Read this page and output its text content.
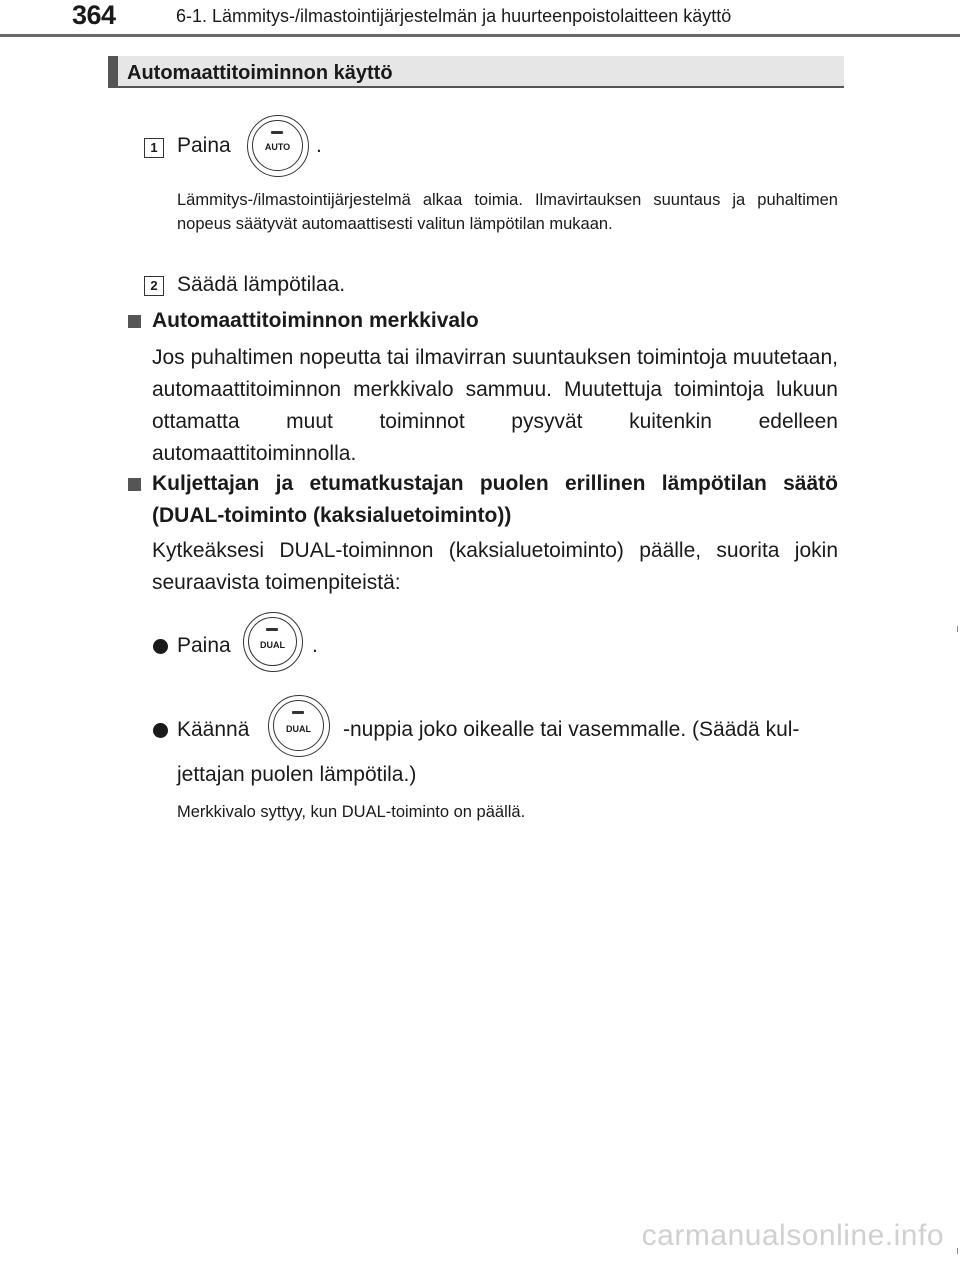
364	6-1. Lämmitys-/ilmastointijärjestelmän ja huurteenpoistolaitteen käyttö
Automaattitoiminnon käyttö
1 Paina	AUTO	.
Lämmitys-/ilmastointijärjestelmä alkaa toimia. Ilmavirtauksen suuntaus ja puhaltimen nopeus säätyvät automaattisesti valitun lämpötilan mukaan.
2 Säädä lämpötilaa.
Automaattitoiminnon merkkivalo
Jos puhaltimen nopeutta tai ilmavirran suuntauksen toimintoja muutetaan, automaattitoiminnon merkkivalo sammuu. Muutettuja toimintoja lukuun ottamatta muut toiminnot pysyvät kuitenkin edelleen automaattitoiminnolla.
Kuljettajan ja etumatkustajan puolen erillinen lämpötilan säätö (DUAL-toiminto (kaksialuetoiminto))
Kytkeäksesi DUAL-toiminnon (kaksialuetoiminto) päälle, suorita jokin seuraavista toimenpiteistä:
Paina	DUAL	.
Käännä	DUAL	-nuppia joko oikealle tai vasemmalle. (Säädä kul-
jettajan puolen lämpötila.)
Merkkivalo syttyy, kun DUAL-toiminto on päällä.
carmanualsonline.info
